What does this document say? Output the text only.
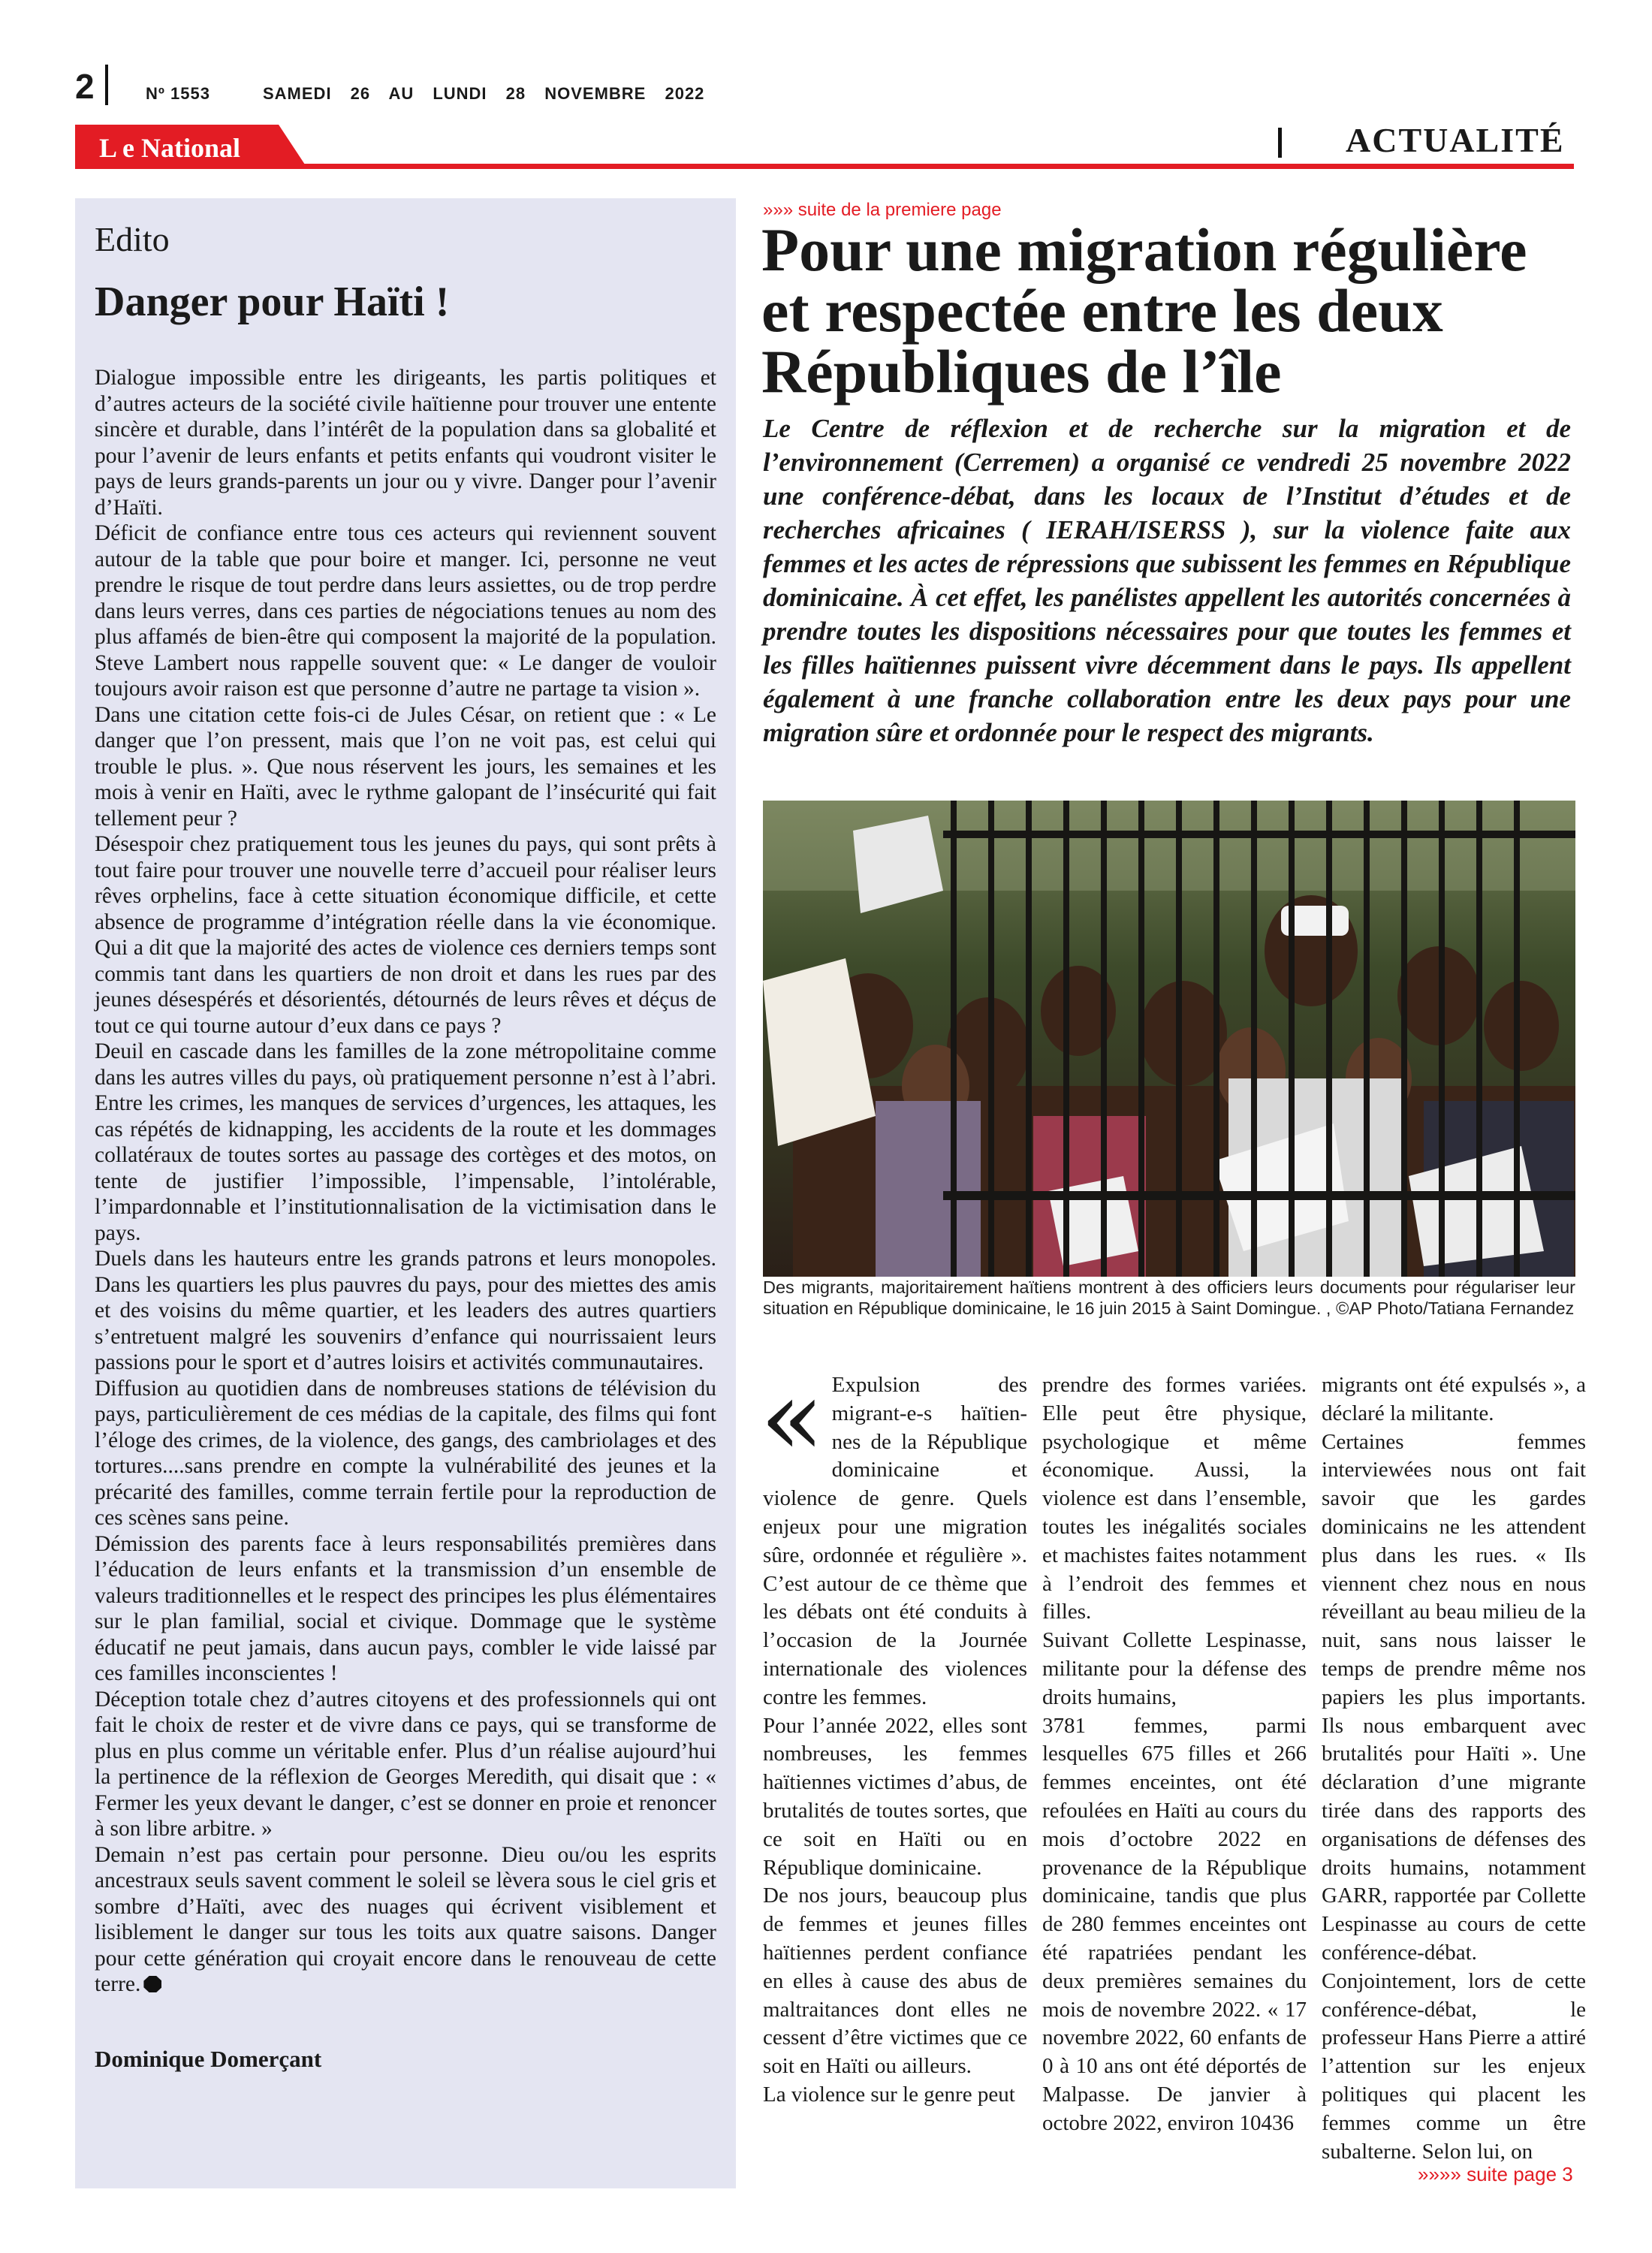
2	Nº 1553	SAMEDI 26 AU LUNDI 28 NOVEMBRE 2022
L e National	ACTUALITÉ
Edito
Danger pour Haïti !

Dialogue impossible entre les dirigeants, les partis politiques et d’autres acteurs de la société civile haïtienne pour trouver une entente sincère et durable, dans l’intérêt de la population dans sa globalité et pour l’avenir de leurs enfants et petits enfants qui voudront visiter le pays de leurs grands-parents un jour ou y vivre. Danger pour l’avenir d’Haïti.

Déficit de confiance entre tous ces acteurs qui reviennent souvent autour de la table que pour boire et manger. Ici, personne ne veut prendre le risque de tout perdre dans leurs assiettes, ou de trop perdre dans leurs verres, dans ces parties de négociations tenues au nom des plus affamés de bien-être qui composent la majorité de la population. Steve Lambert nous rappelle souvent que: « Le danger de vouloir toujours avoir raison est que personne d’autre ne partage ta vision ».

Dans une citation cette fois-ci de Jules César, on retient que : « Le danger que l’on pressent, mais que l’on ne voit pas, est celui qui trouble le plus. ». Que nous réservent les jours, les semaines et les mois à venir en Haïti, avec le rythme galopant de l’insécurité qui fait tellement peur ?

Désespoir chez pratiquement tous les jeunes du pays, qui sont prêts à tout faire pour trouver une nouvelle terre d’accueil pour réaliser leurs rêves orphelins, face à cette situation économique difficile, et cette absence de programme d’intégration réelle dans la vie économique. Qui a dit que la majorité des actes de violence ces derniers temps sont commis tant dans les quartiers de non droit et dans les rues par des jeunes désespérés et désorientés, détournés de leurs rêves et déçus de tout ce qui tourne autour d’eux dans ce pays ?

Deuil en cascade dans les familles de la zone métropolitaine comme dans les autres villes du pays, où pratiquement personne n’est à l’abri. Entre les crimes, les manques de services d’urgences, les attaques, les cas répétés de kidnapping, les accidents de la route et les dommages collatéraux de toutes sortes au passage des cortèges et des motos, on tente de justifier l’impossible, l’impensable, l’intolérable, l’impardonnable et l’institutionnalisation de la victimisation dans le pays.

Duels dans les hauteurs entre les grands patrons et leurs monopoles. Dans les quartiers les plus pauvres du pays, pour des miettes des amis et des voisins du même quartier, et les leaders des autres quartiers s’entretuent malgré les souvenirs d’enfance qui nourrissaient leurs passions pour le sport et d’autres loisirs et activités communautaires.

Diffusion au quotidien dans de nombreuses stations de télévision du pays, particulièrement de ces médias de la capitale, des films qui font l’éloge des crimes, de la violence, des gangs, des cambriolages et des tortures....sans prendre en compte la vulnérabilité des jeunes et la précarité des familles, comme terrain fertile pour la reproduction de ces scènes sans peine.

Démission des parents face à leurs responsabilités premières dans l’éducation de leurs enfants et la transmission d’un ensemble de valeurs traditionnelles et le respect des principes les plus élémentaires sur le plan familial, social et civique. Dommage que le système éducatif ne peut jamais, dans aucun pays, combler le vide laissé par ces familles inconscientes !

Déception totale chez d’autres citoyens et des professionnels qui ont fait le choix de rester et de vivre dans ce pays, qui se transforme de plus en plus comme un véritable enfer. Plus d’un réalise aujourd’hui la pertinence de la réflexion de Georges Meredith, qui disait que : « Fermer les yeux devant le danger, c’est se donner en proie et renoncer à son libre arbitre. »

Demain n’est pas certain pour personne. Dieu ou/ou les esprits ancestraux seuls savent comment le soleil se lèvera sous le ciel gris et sombre d’Haïti, avec des nuages qui écrivent visiblement et lisiblement le danger sur tous les toits aux quatre saisons. Danger pour cette génération qui croyait encore dans le renouveau de cette terre.

Dominique Domerçant
»»» suite de la premiere page
Pour une migration régulière et respectée entre les deux Républiques de l’île
Le Centre de réflexion et de recherche sur la migration et de l’environnement (Cerremen) a organisé ce vendredi 25 novembre 2022 une conférence-débat, dans les locaux de l’Institut d’études et de recherches africaines ( IERAH/ISERSS ), sur la violence faite aux femmes et les actes de répressions que subissent les femmes en République dominicaine. À cet effet, les panélistes appellent les autorités concernées à prendre toutes les dispositions nécessaires pour que toutes les femmes et les filles haïtiennes puissent vivre décemment dans le pays. Ils appellent également à une franche collaboration entre les deux pays pour une migration sûre et ordonnée pour le respect des migrants.
Des migrants, majoritairement haïtiens montrent à des officiers leurs documents pour régulariser leur situation en République dominicaine, le 16 juin 2015 à Saint Domingue. , ©AP Photo/Tatiana Fernandez

« Expulsion des migrant-e-s haïtien-nes de la République dominicaine et violence de genre. Quels enjeux pour une migration sûre, ordonnée et régulière ». C’est autour de ce thème que les débats ont été conduits à l’occasion de la Journée internationale des violences contre les femmes.

Pour l’année 2022, elles sont nombreuses, les femmes haïtiennes victimes d’abus, de brutalités de toutes sortes, que ce soit en Haïti ou en République dominicaine.

De nos jours, beaucoup plus de femmes et jeunes filles haïtiennes perdent confiance en elles à cause des abus de maltraitances dont elles ne cessent d’être victimes que ce soit en Haïti ou ailleurs.

La violence sur le genre peut

prendre des formes variées. Elle peut être physique, psychologique et même économique. Aussi, la violence est dans l’ensemble, toutes les inégalités sociales et machistes faites notamment à l’endroit des femmes et filles.

Suivant Collette Lespinasse, militante pour la défense des droits humains,

3781 femmes, parmi lesquelles 675 filles et 266 femmes enceintes, ont été refoulées en Haïti au cours du mois d’octobre 2022 en provenance de la République dominicaine, tandis que plus de 280 femmes enceintes ont été rapatriées pendant les deux premières semaines du mois de novembre 2022. « 17 novembre 2022, 60 enfants de 0 à 10 ans ont été déportés de Malpasse. De janvier à octobre 2022, environ 10436

migrants ont été expulsés », a déclaré la militante.

Certaines femmes interviewées nous ont fait savoir que les gardes dominicains ne les attendent plus dans les rues. « Ils viennent chez nous en nous réveillant au beau milieu de la nuit, sans nous laisser le temps de prendre même nos papiers les plus importants. Ils nous embarquent avec brutalités pour Haïti ». Une déclaration d’une migrante tirée dans des rapports des organisations de défenses des droits humains, notamment GARR, rapportée par Collette Lespinasse au cours de cette conférence-débat.

Conjointement, lors de cette conférence-débat, le professeur Hans Pierre a attiré l’attention sur les enjeux politiques qui placent les femmes comme un être subalterne. Selon lui, on

»»»» suite page 3
